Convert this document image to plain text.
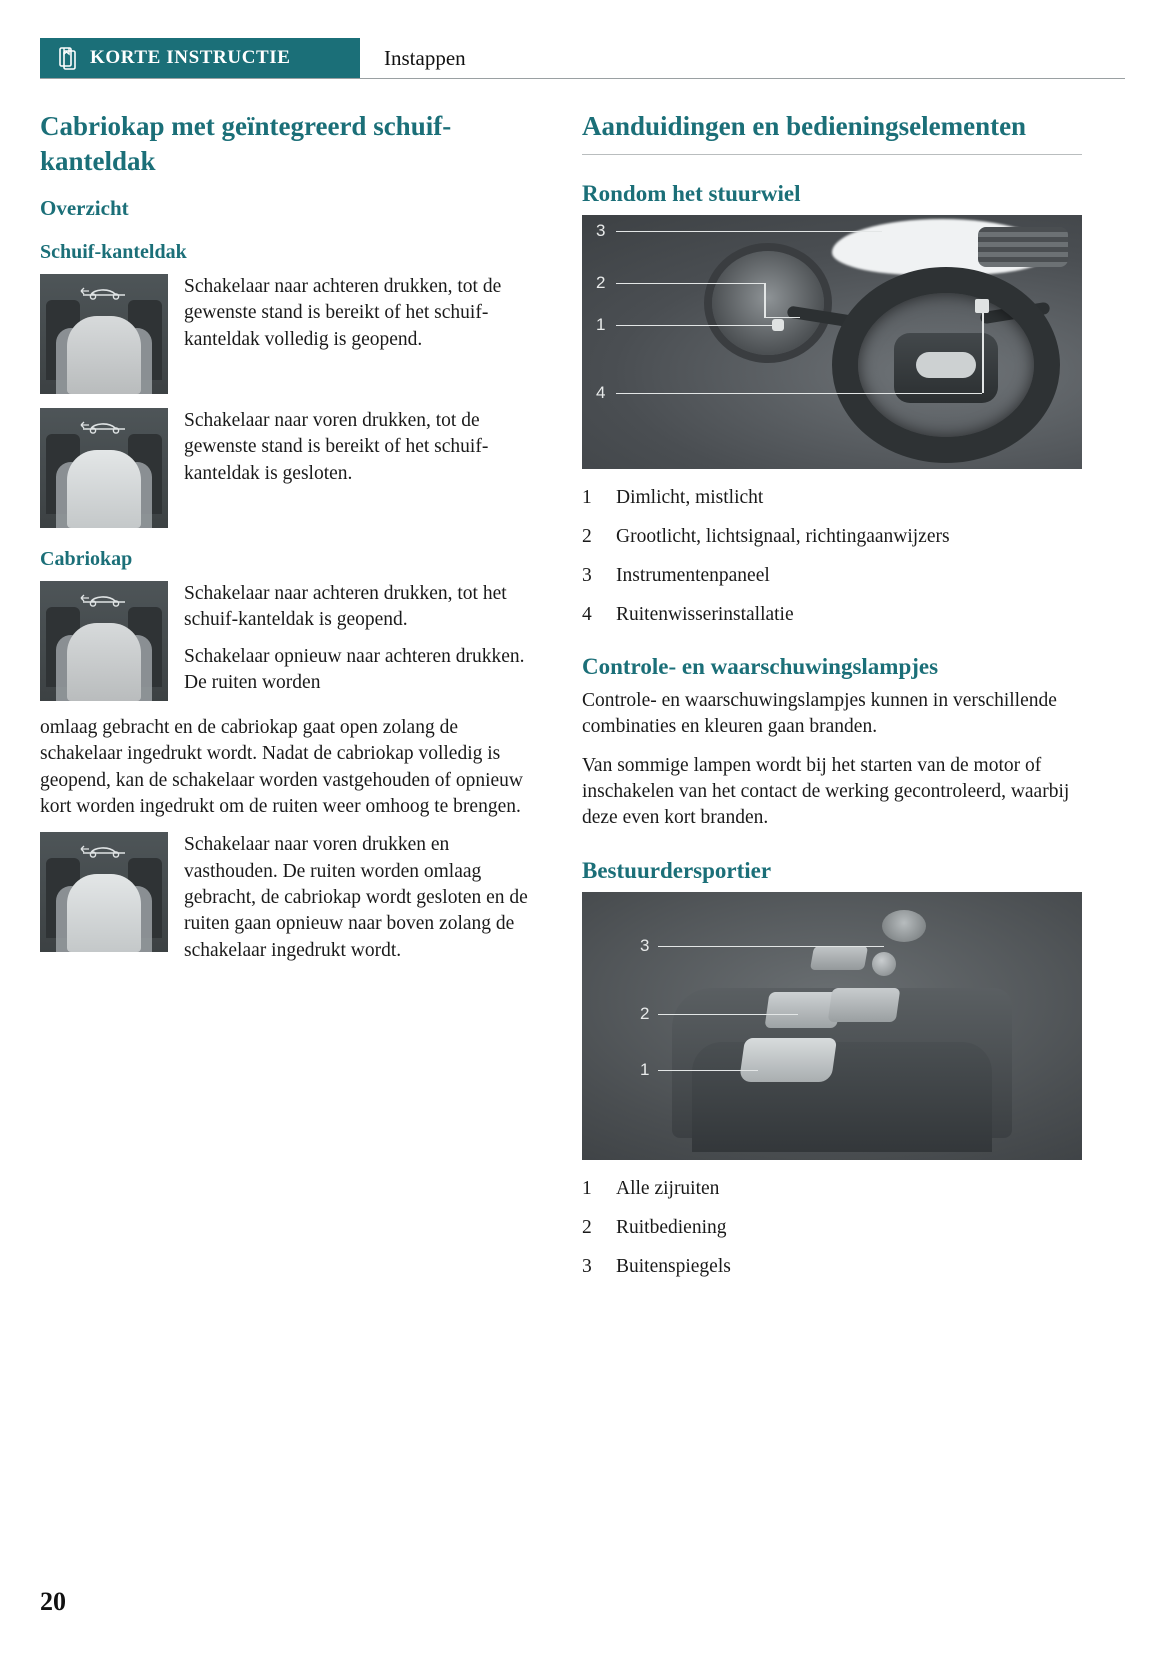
KORTE INSTRUCTIE	Instappen
Cabriokap met geïntegreerd schuif-kanteldak
Overzicht
Schuif-kanteldak

Schakelaar naar achteren drukken, tot de gewenste stand is bereikt of het schuif-kanteldak volledig is geopend.

Schakelaar naar voren drukken, tot de gewenste stand is bereikt of het schuif-kanteldak is gesloten.

Cabriokap

Schakelaar naar achteren drukken, tot het schuif-kanteldak is geopend.

Schakelaar opnieuw naar achteren drukken. De ruiten worden

omlaag gebracht en de cabriokap gaat open zolang de schakelaar ingedrukt wordt. Nadat de cabriokap volledig is geopend, kan de schakelaar worden vastgehouden of opnieuw kort worden ingedrukt om de ruiten weer omhoog te brengen.

Schakelaar naar voren drukken en vasthouden. De ruiten worden omlaag gebracht, de cabriokap wordt gesloten en de ruiten gaan opnieuw naar boven zolang de schakelaar ingedrukt wordt.

Aanduidingen en bedieningselementen
Rondom het stuurwiel
3
2
1
4
1 Dimlicht, mistlicht
2 Grootlicht, lichtsignaal, richtingaanwijzers
3 Instrumentenpaneel
4 Ruitenwisserinstallatie
Controle- en waarschuwingslampjes

Controle- en waarschuwingslampjes kunnen in verschillende combinaties en kleuren gaan branden.

Van sommige lampen wordt bij het starten van de motor of inschakelen van het contact de werking gecontroleerd, waarbij deze even kort branden.

Bestuurdersportier
3
2
1
1 Alle zijruiten
2 Ruitbediening
3 Buitenspiegels
20
